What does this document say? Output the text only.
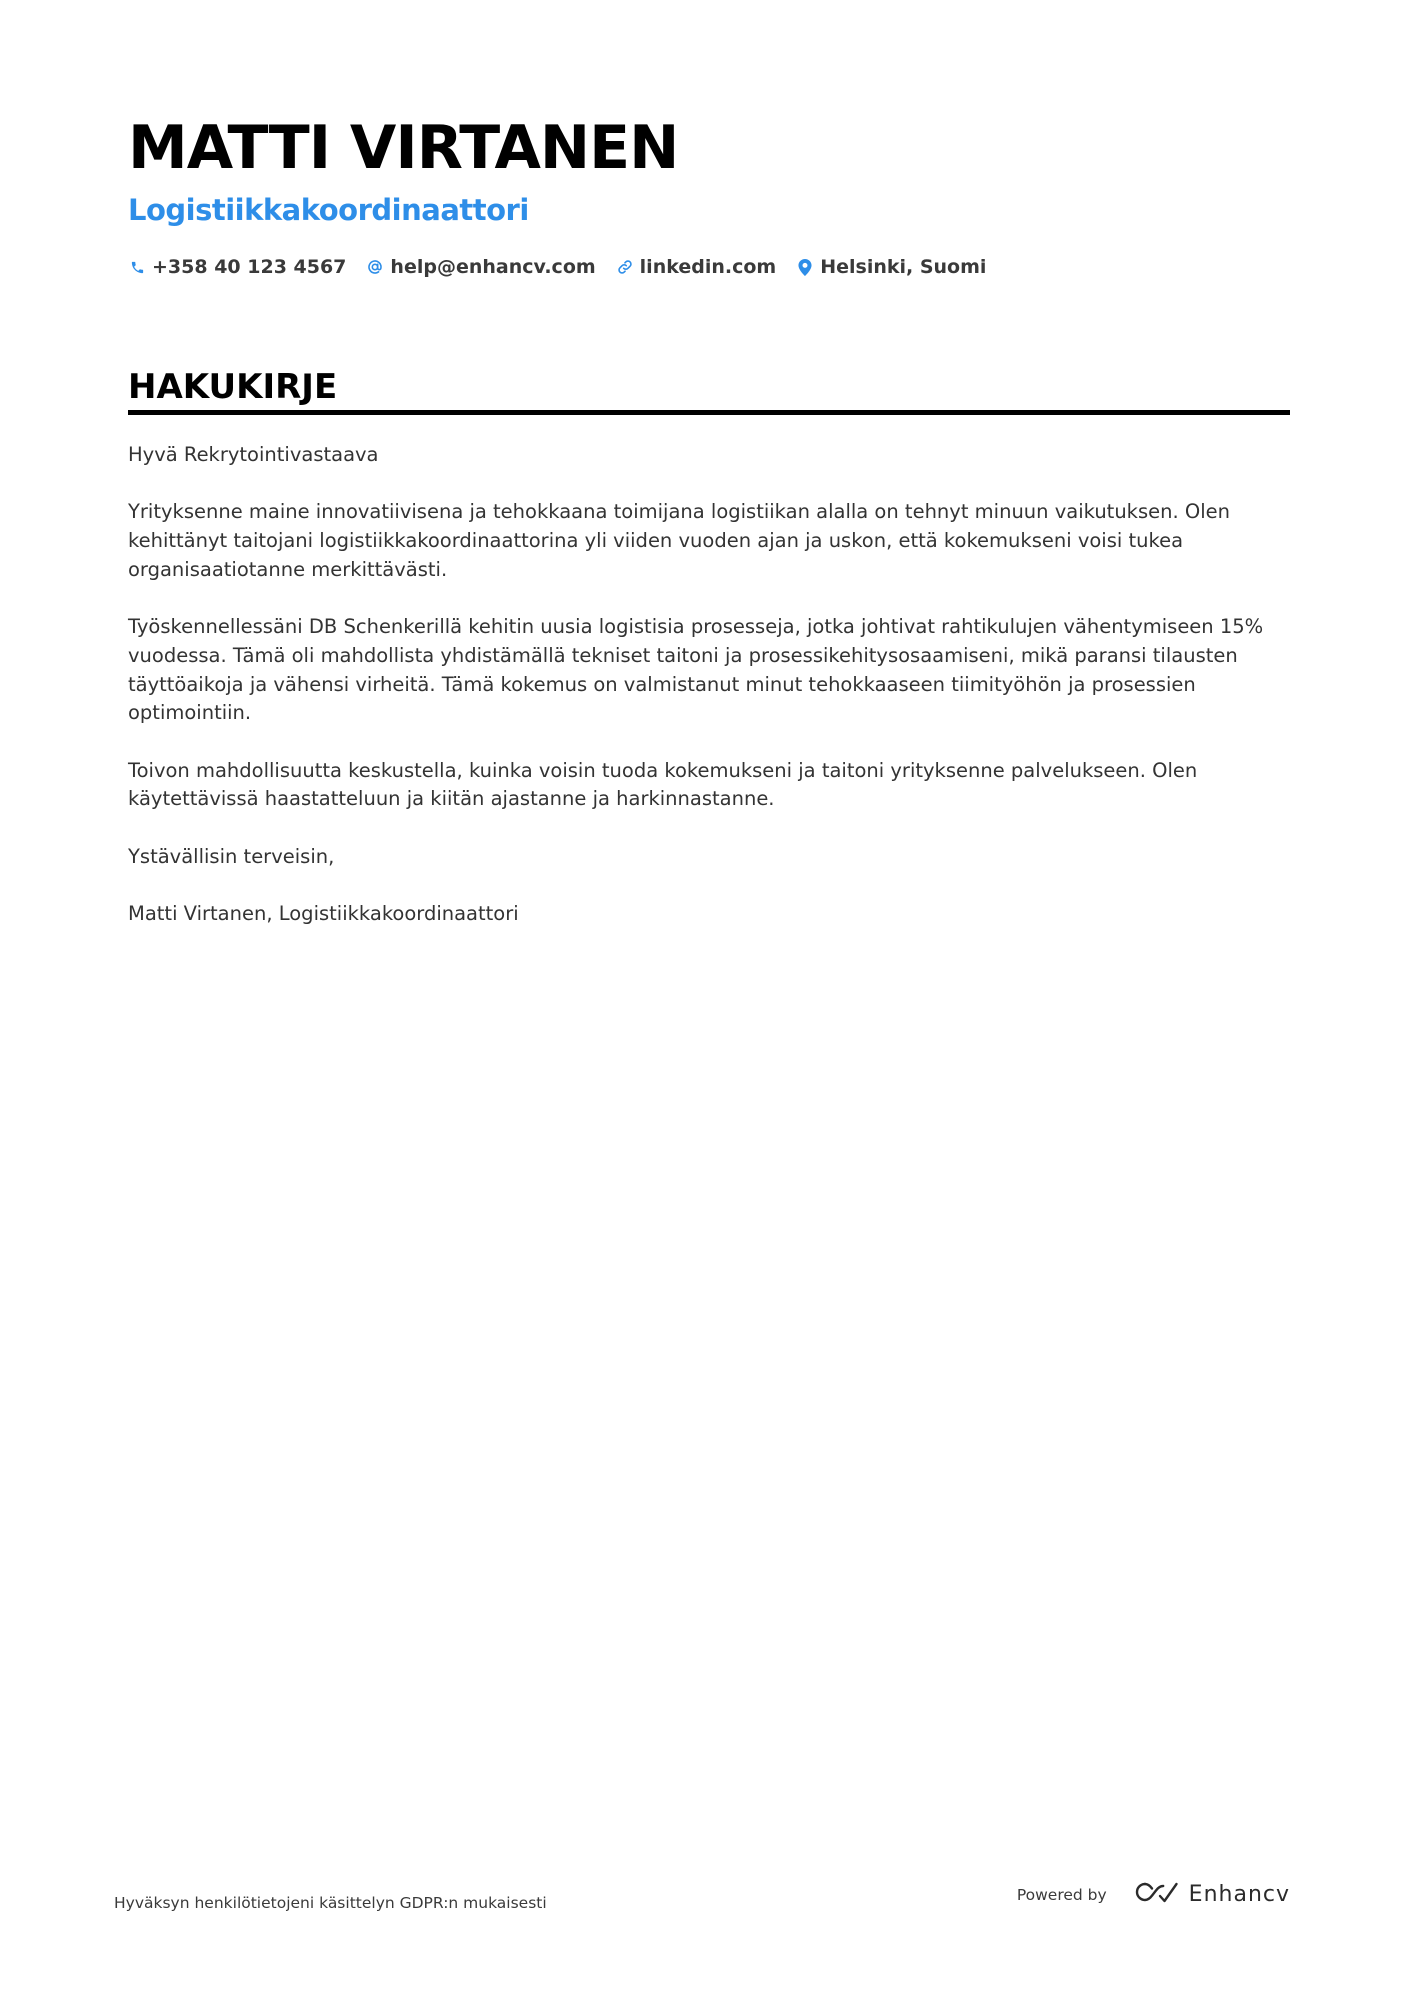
MATTI VIRTANEN
Logistiikkakoordinaattori
+358 40 123 4567 help@enhancv.com linkedin.com Helsinki, Suomi
HAKUKIRJE

Hyvä Rekrytointivastaava

Yrityksenne maine innovatiivisena ja tehokkaana toimijana logistiikan alalla on tehnyt minuun vaikutuksen. Olen kehittänyt taitojani logistiikkakoordinaattorina yli viiden vuoden ajan ja uskon, että kokemukseni voisi tukea organisaatiotanne merkittävästi.

Työskennellessäni DB Schenkerillä kehitin uusia logistisia prosesseja, jotka johtivat rahtikulujen vähentymiseen 15% vuodessa. Tämä oli mahdollista yhdistämällä tekniset taitoni ja prosessikehitysosaamiseni, mikä paransi tilausten täyttöaikoja ja vähensi virheitä. Tämä kokemus on valmistanut minut tehokkaaseen tiimityöhön ja prosessien optimointiin.

Toivon mahdollisuutta keskustella, kuinka voisin tuoda kokemukseni ja taitoni yrityksenne palvelukseen. Olen käytettävissä haastatteluun ja kiitän ajastanne ja harkinnastanne.

Ystävällisin terveisin,

Matti Virtanen, Logistiikkakoordinaattori

Hyväksyn henkilötietojeni käsittelyn GDPR:n mukaisesti	Powered by	Enhancv
